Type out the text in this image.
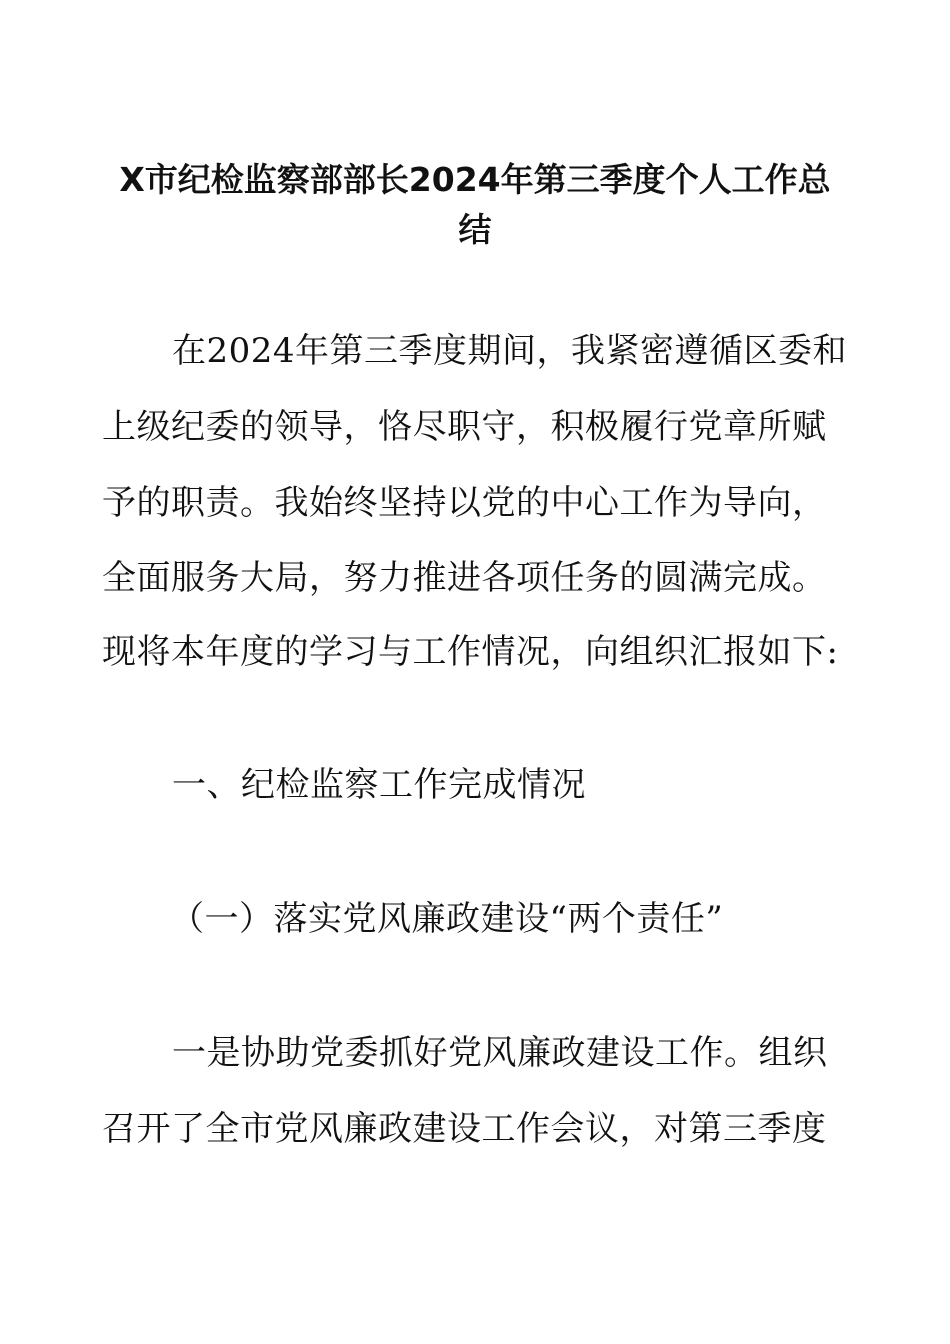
X市纪检监察部部长2024年第三季度个人工作总
结

在2024年第三季度期间，我紧密遵循区委和

上级纪委的领导，恪尽职守，积极履行党章所赋

予的职责。我始终坚持以党的中心工作为导向，

全面服务大局，努力推进各项任务的圆满完成。

现将本年度的学习与工作情况，向组织汇报如下:

一、纪检监察工作完成情况

（一）落实党风廉政建设“两个责任”

一是协助党委抓好党风廉政建设工作。组织

召开了全市党风廉政建设工作会议，对第三季度
